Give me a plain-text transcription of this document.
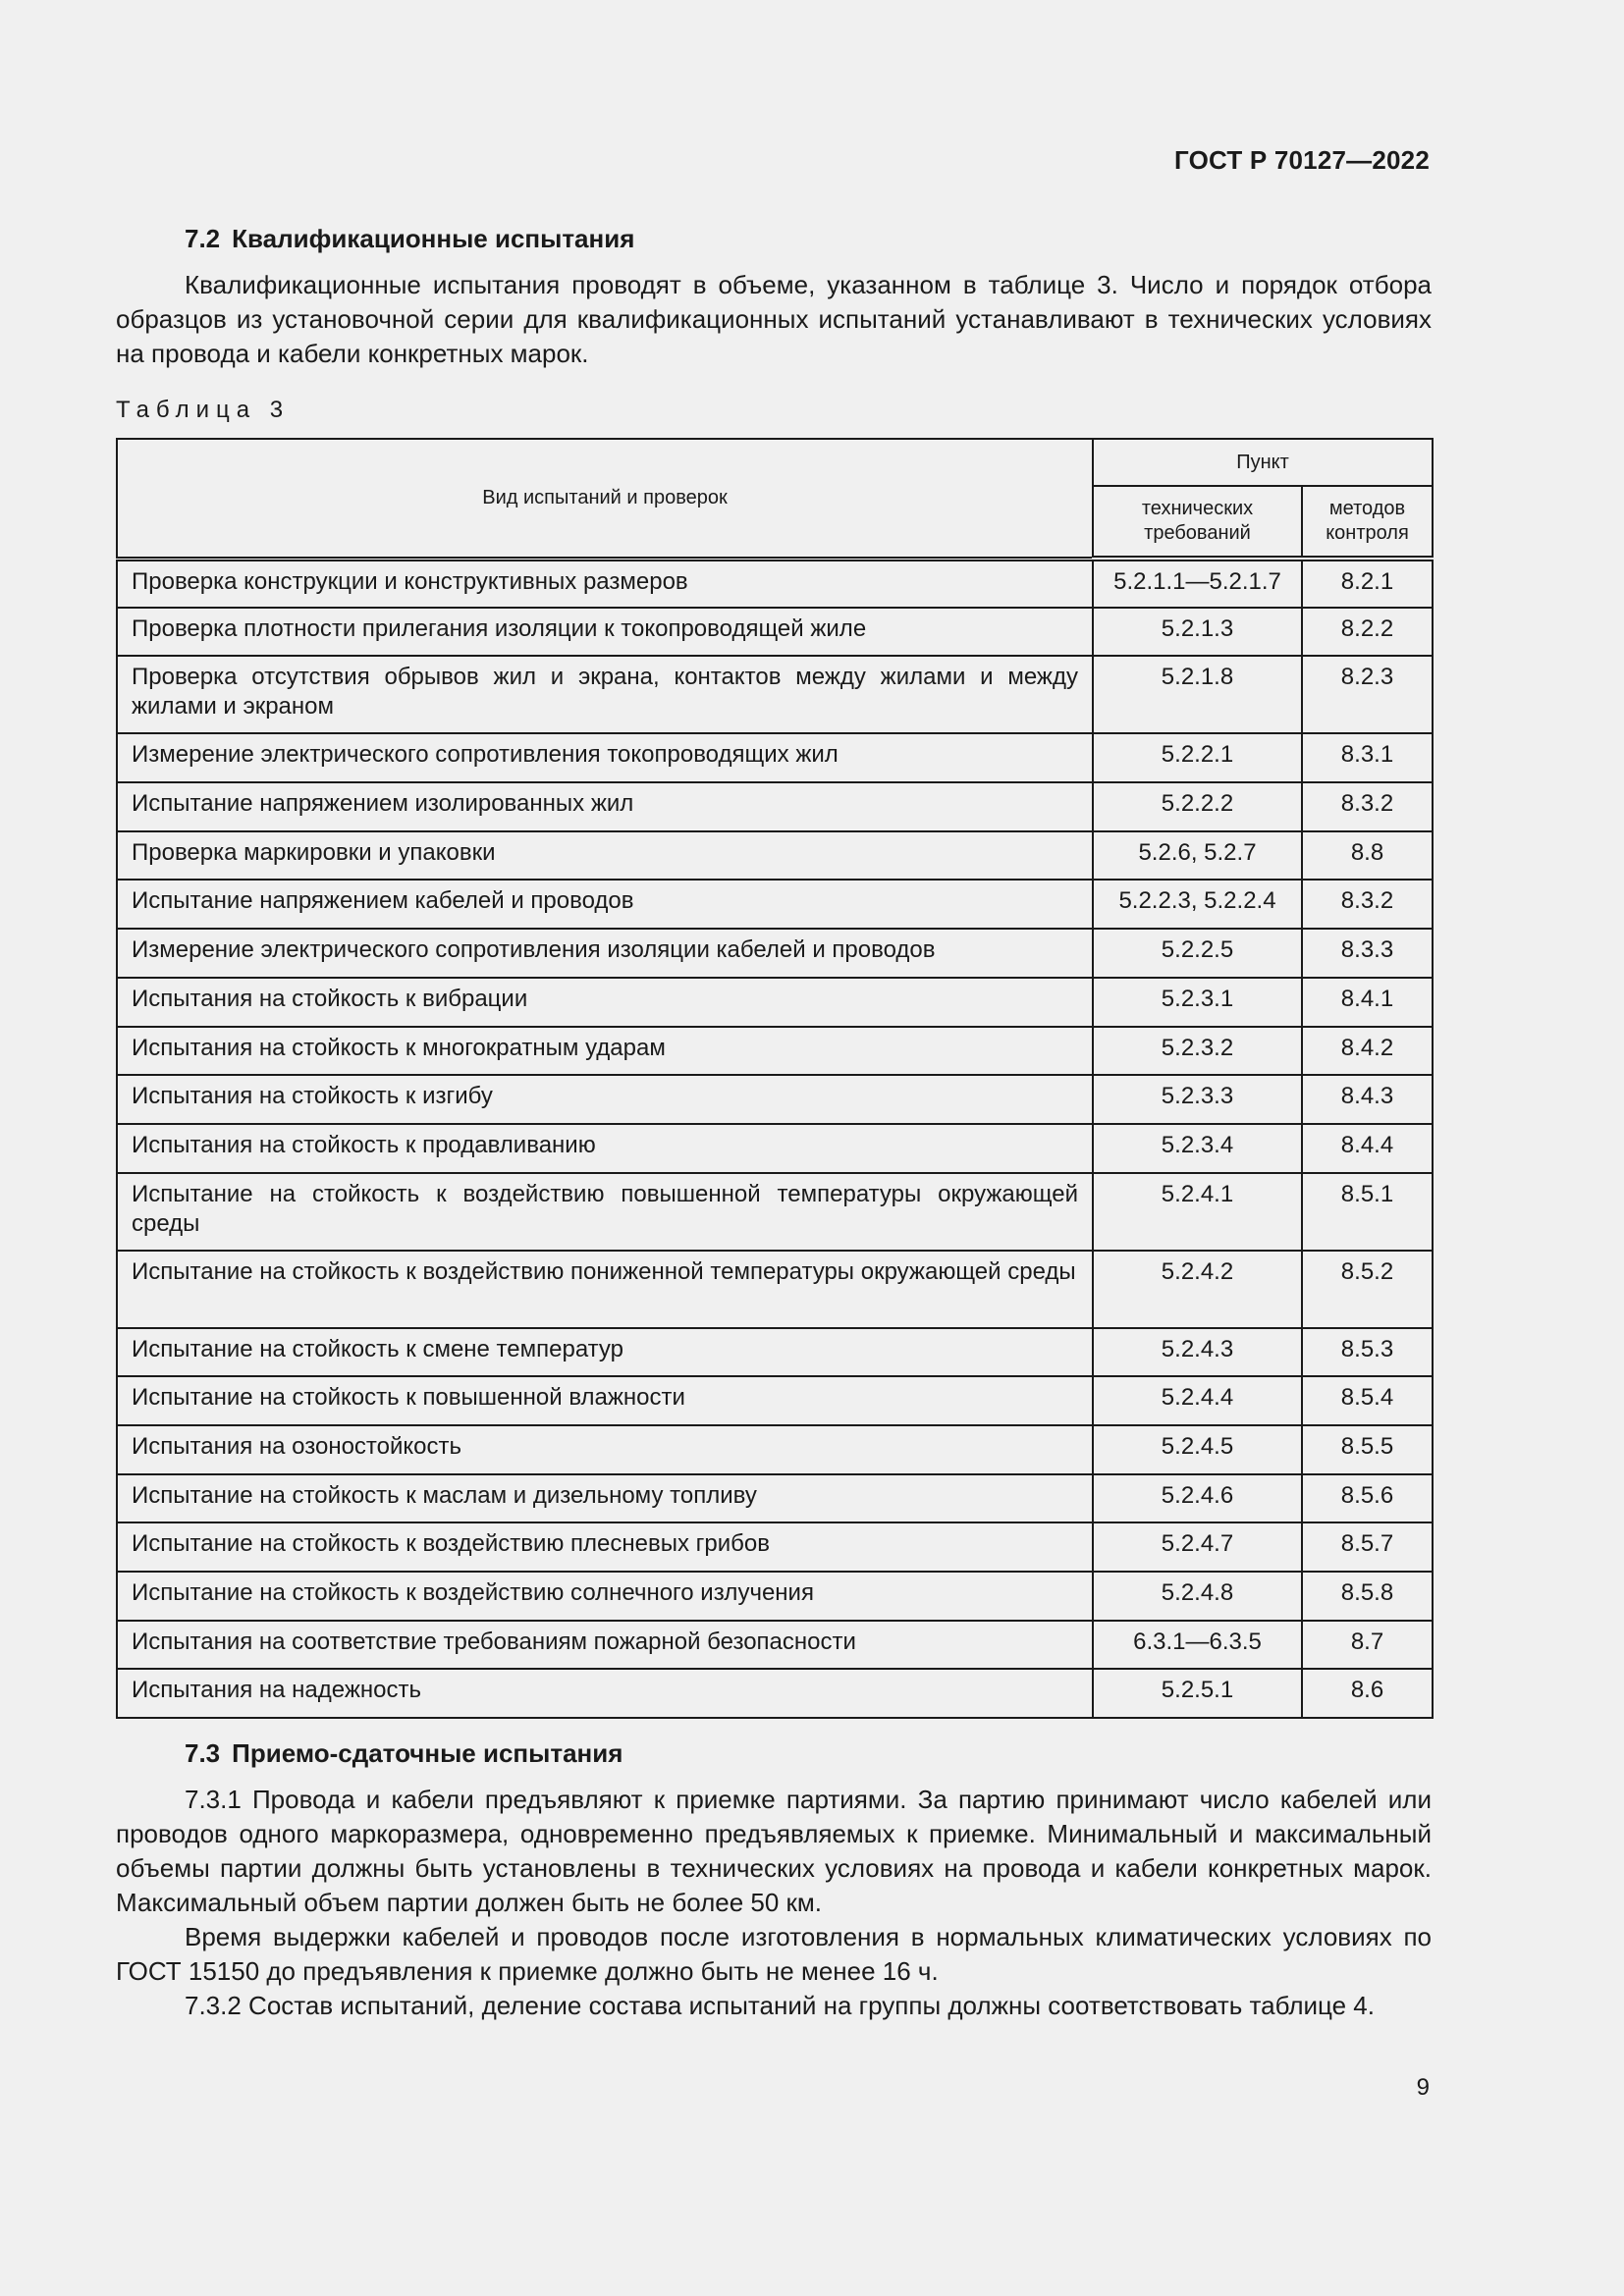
ГОСТ Р 70127—2022
7.2 Квалификационные испытания

Квалификационные испытания проводят в объеме, указанном в таблице 3. Число и порядок отбора образцов из установочной серии для квалификационных испытаний устанавливают в технических условиях на провода и кабели конкретных марок.

Таблица 3
Вид испытаний и проверок	Пункт	
	технических требований	методов контроля
Проверка конструкции и конструктивных размеров	5.2.1.1—5.2.1.7	8.2.1
Проверка плотности прилегания изоляции к токопроводящей жиле	5.2.1.3	8.2.2
Проверка отсутствия обрывов жил и экрана, контактов между жилами и между жилами и экраном	5.2.1.8	8.2.3
Измерение электрического сопротивления токопроводящих жил	5.2.2.1	8.3.1
Испытание напряжением изолированных жил	5.2.2.2	8.3.2
Проверка маркировки и упаковки	5.2.6, 5.2.7	8.8
Испытание напряжением кабелей и проводов	5.2.2.3, 5.2.2.4	8.3.2
Измерение электрического сопротивления изоляции кабелей и проводов	5.2.2.5	8.3.3
Испытания на стойкость к вибрации	5.2.3.1	8.4.1
Испытания на стойкость к многократным ударам	5.2.3.2	8.4.2
Испытания на стойкость к изгибу	5.2.3.3	8.4.3
Испытания на стойкость к продавливанию	5.2.3.4	8.4.4
Испытание на стойкость к воздействию повышенной температуры окружающей среды	5.2.4.1	8.5.1
Испытание на стойкость к воздействию пониженной температуры окружающей среды	5.2.4.2	8.5.2
Испытание на стойкость к смене температур	5.2.4.3	8.5.3
Испытание на стойкость к повышенной влажности	5.2.4.4	8.5.4
Испытания на озоностойкость	5.2.4.5	8.5.5
Испытание на стойкость к маслам и дизельному топливу	5.2.4.6	8.5.6
Испытание на стойкость к воздействию плесневых грибов	5.2.4.7	8.5.7
Испытание на стойкость к воздействию солнечного излучения	5.2.4.8	8.5.8
Испытания на соответствие требованиям пожарной безопасности	6.3.1—6.3.5	8.7
Испытания на надежность	5.2.5.1	8.6
7.3 Приемо-сдаточные испытания

7.3.1 Провода и кабели предъявляют к приемке партиями. За партию принимают число кабелей или проводов одного маркоразмера, одновременно предъявляемых к приемке. Минимальный и максимальный объемы партии должны быть установлены в технических условиях на провода и кабели конкретных марок. Максимальный объем партии должен быть не более 50 км.

Время выдержки кабелей и проводов после изготовления в нормальных климатических условиях по ГОСТ 15150 до предъявления к приемке должно быть не менее 16 ч.

7.3.2 Состав испытаний, деление состава испытаний на группы должны соответствовать таблице 4.

9
